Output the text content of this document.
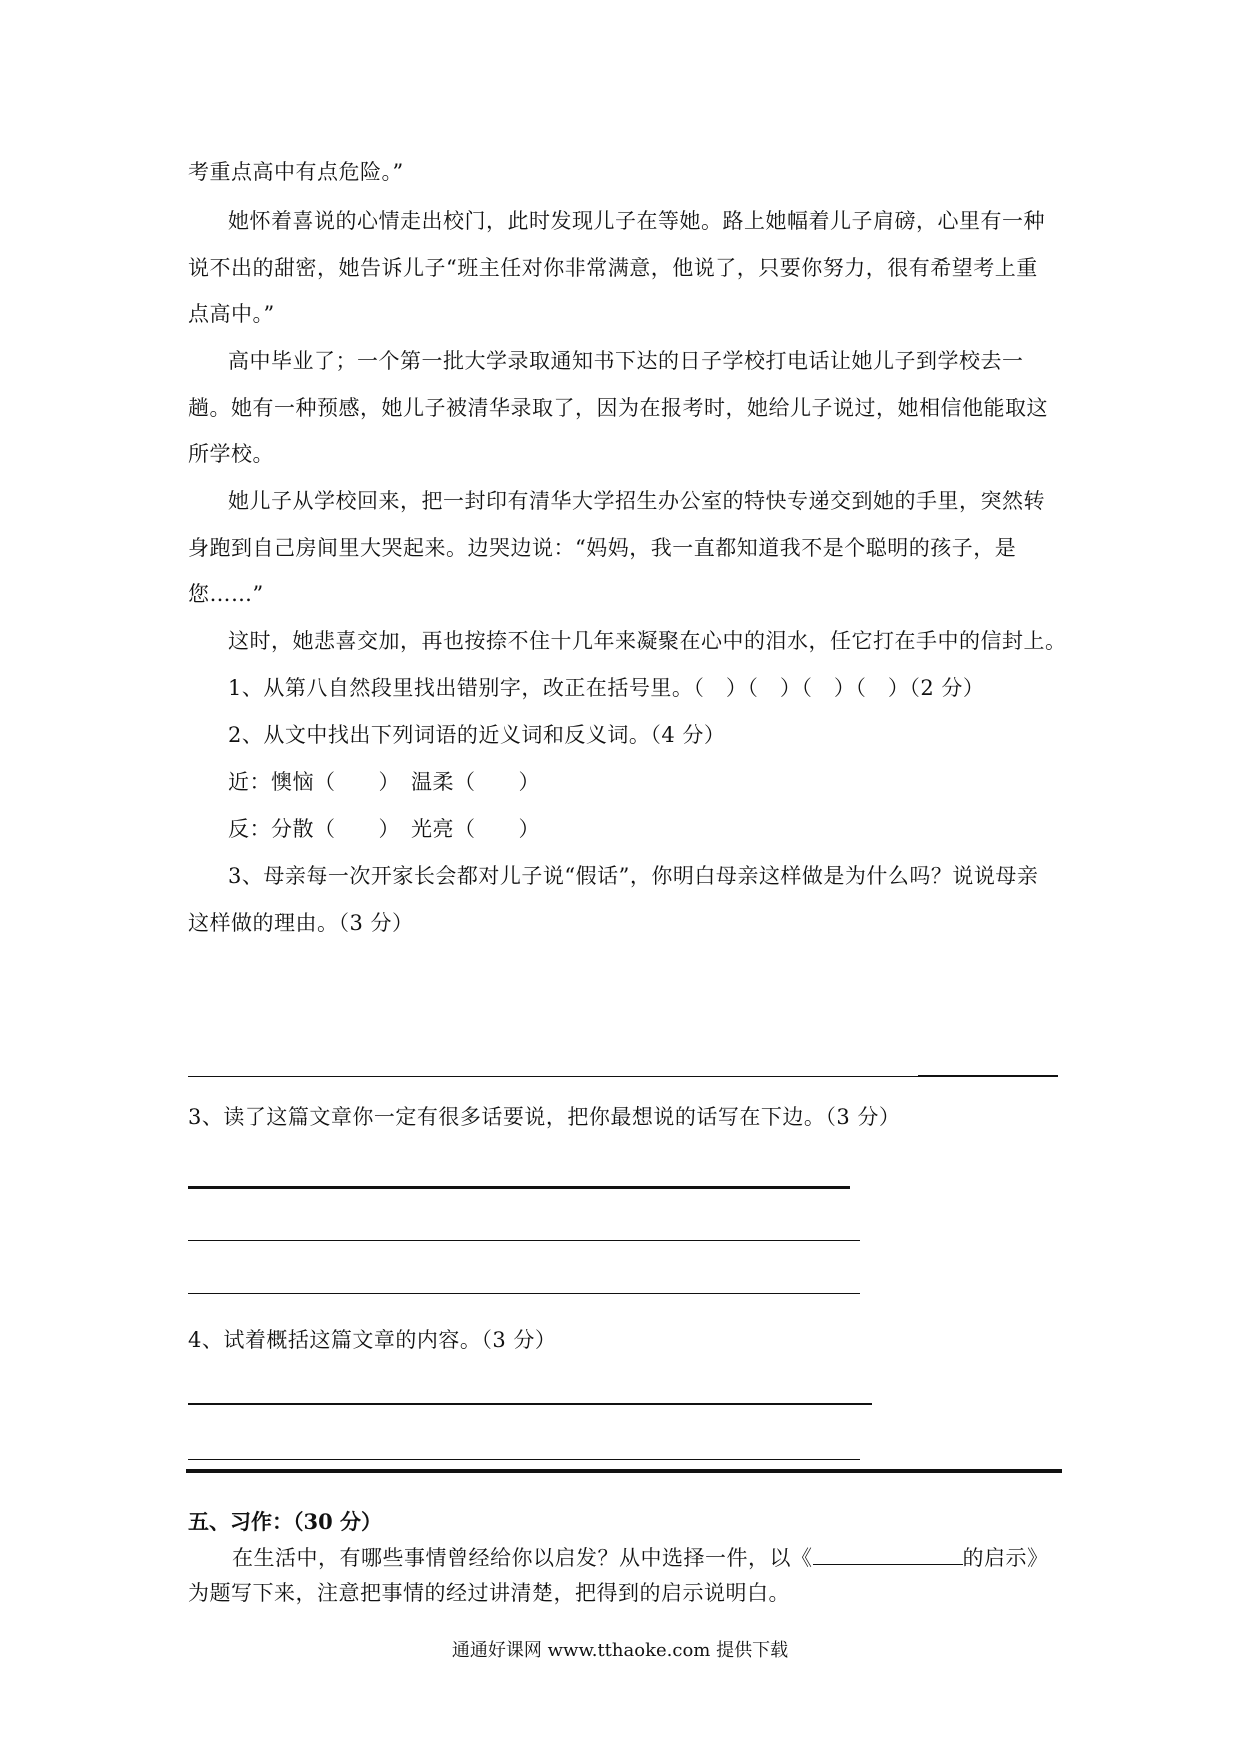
考重点高中有点危险。”
她怀着喜说的心情走出校门，此时发现儿子在等她。路上她幅着儿子肩磅，心里有一种
说不出的甜密，她告诉儿子“班主任对你非常满意，他说了，只要你努力，很有希望考上重
点高中。”
高中毕业了；一个第一批大学录取通知书下达的日子学校打电话让她儿子到学校去一
趟。她有一种预感，她儿子被清华录取了，因为在报考时，她给儿子说过，她相信他能取这
所学校。
她儿子从学校回来，把一封印有清华大学招生办公室的特快专递交到她的手里，突然转
身跑到自己房间里大哭起来。边哭边说：“妈妈，我一直都知道我不是个聪明的孩子，是
您……”
这时，她悲喜交加，再也按捺不住十几年来凝聚在心中的泪水，任它打在手中的信封上。
1、从第八自然段里找出错别字，改正在括号里。（　）（　）（　）（　）（2 分）
2、从文中找出下列词语的近义词和反义词。（4 分）
近：懊恼（　　）　温柔（　　）
反：分散（　　）　光亮（　　）
3、母亲每一次开家长会都对儿子说“假话”，你明白母亲这样做是为什么吗？说说母亲
这样做的理由。（3 分）
3、读了这篇文章你一定有很多话要说，把你最想说的话写在下边。（3 分）
4、试着概括这篇文章的内容。（3 分）
五、习作：（30 分）
在生活中，有哪些事情曾经给你以启发？从中选择一件，以《	的启示》
为题写下来，注意把事情的经过讲清楚，把得到的启示说明白。
通通好课网 www.tthaoke.com 提供下载
